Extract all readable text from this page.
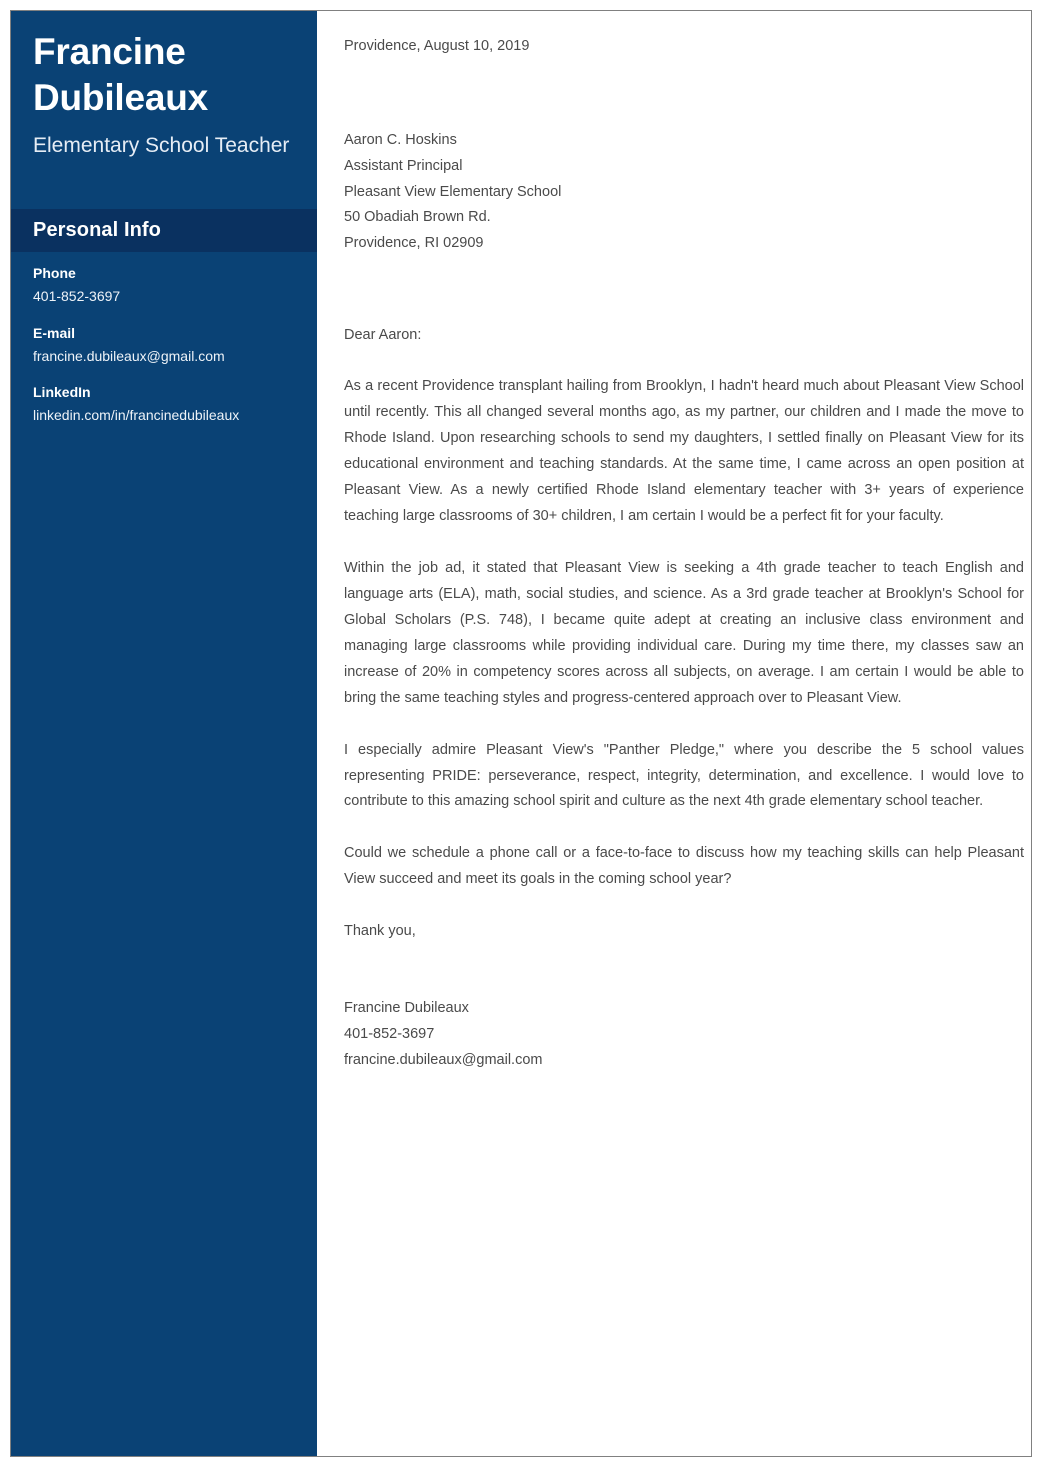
Francine Dubileaux
Elementary School Teacher
Personal Info
Phone
401-852-3697
E-mail
francine.dubileaux@gmail.com
LinkedIn
linkedin.com/in/francinedubileaux

Providence, August 10, 2019

Aaron C. Hoskins

Assistant Principal

Pleasant View Elementary School

50 Obadiah Brown Rd.

Providence, RI 02909

Dear Aaron:

As a recent Providence transplant hailing from Brooklyn, I hadn't heard much about Pleasant View School until recently. This all changed several months ago, as my partner, our children and I made the move to Rhode Island. Upon researching schools to send my daughters, I settled finally on Pleasant View for its educational environment and teaching standards. At the same time, I came across an open position at Pleasant View. As a newly certified Rhode Island elementary teacher with 3+ years of experience teaching large classrooms of 30+ children, I am certain I would be a perfect fit for your faculty.

Within the job ad, it stated that Pleasant View is seeking a 4th grade teacher to teach English and language arts (ELA), math, social studies, and science. As a 3rd grade teacher at Brooklyn's School for Global Scholars (P.S. 748), I became quite adept at creating an inclusive class environment and managing large classrooms while providing individual care. During my time there, my classes saw an increase of 20% in competency scores across all subjects, on average. I am certain I would be able to bring the same teaching styles and progress-centered approach over to Pleasant View.

I especially admire Pleasant View's "Panther Pledge," where you describe the 5 school values representing PRIDE: perseverance, respect, integrity, determination, and excellence. I would love to contribute to this amazing school spirit and culture as the next 4th grade elementary school teacher.

Could we schedule a phone call or a face-to-face to discuss how my teaching skills can help Pleasant View succeed and meet its goals in the coming school year?

Thank you,

Francine Dubileaux

401-852-3697

francine.dubileaux@gmail.com
